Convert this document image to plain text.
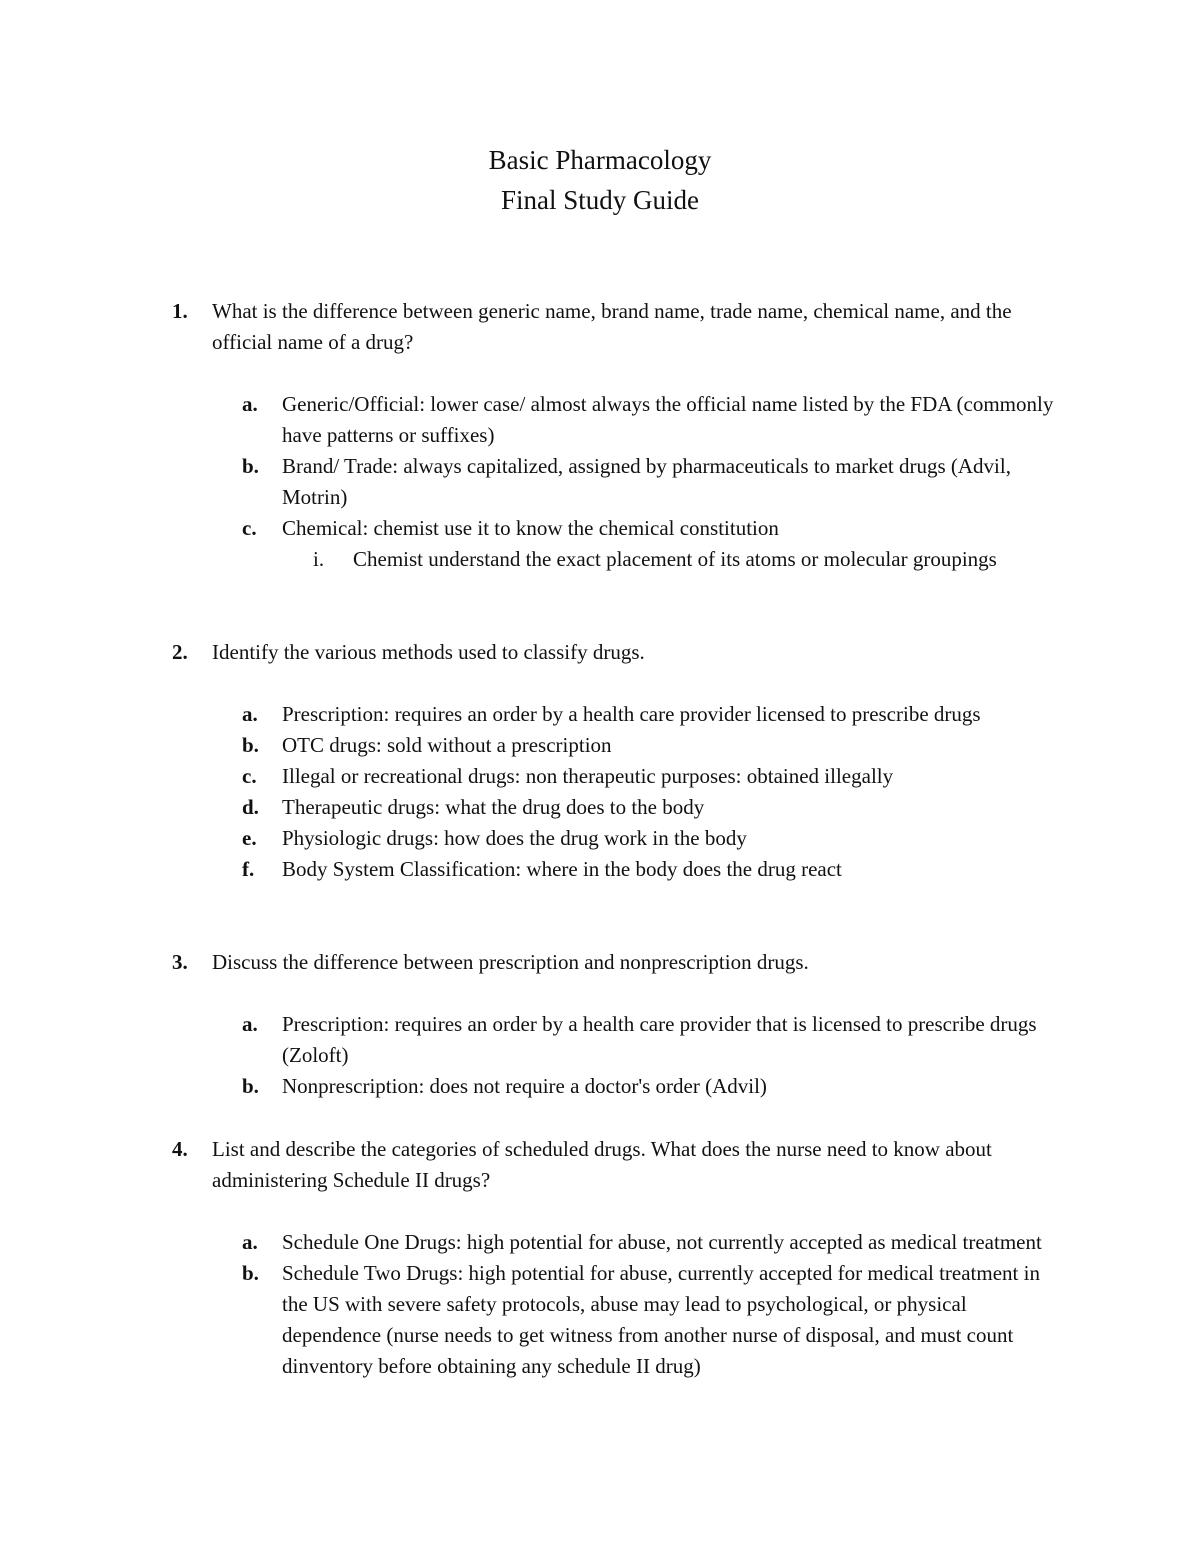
Basic Pharmacology
Final Study Guide
1. What is the difference between generic name, brand name, trade name, chemical name, and the official name of a drug?
a. Generic/Official: lower case/ almost always the official name listed by the FDA (commonly have patterns or suffixes)
b. Brand/ Trade: always capitalized, assigned by pharmaceuticals to market drugs (Advil, Motrin)
c. Chemical: chemist use it to know the chemical constitution
i. Chemist understand the exact placement of its atoms or molecular groupings
2. Identify the various methods used to classify drugs.
a. Prescription: requires an order by a health care provider licensed to prescribe drugs
b. OTC drugs: sold without a prescription
c. Illegal or recreational drugs: non therapeutic purposes: obtained illegally
d. Therapeutic drugs: what the drug does to the body
e. Physiologic drugs: how does the drug work in the body
f. Body System Classification: where in the body does the drug react
3. Discuss the difference between prescription and nonprescription drugs.
a. Prescription: requires an order by a health care provider that is licensed to prescribe drugs (Zoloft)
b. Nonprescription: does not require a doctor's order (Advil)
4. List and describe the categories of scheduled drugs. What does the nurse need to know about administering Schedule II drugs?
a. Schedule One Drugs: high potential for abuse, not currently accepted as medical treatment
b. Schedule Two Drugs: high potential for abuse, currently accepted for medical treatment in the US with severe safety protocols, abuse may lead to psychological, or physical dependence (nurse needs to get witness from another nurse of disposal, and must count dinventory before obtaining any schedule II drug)
